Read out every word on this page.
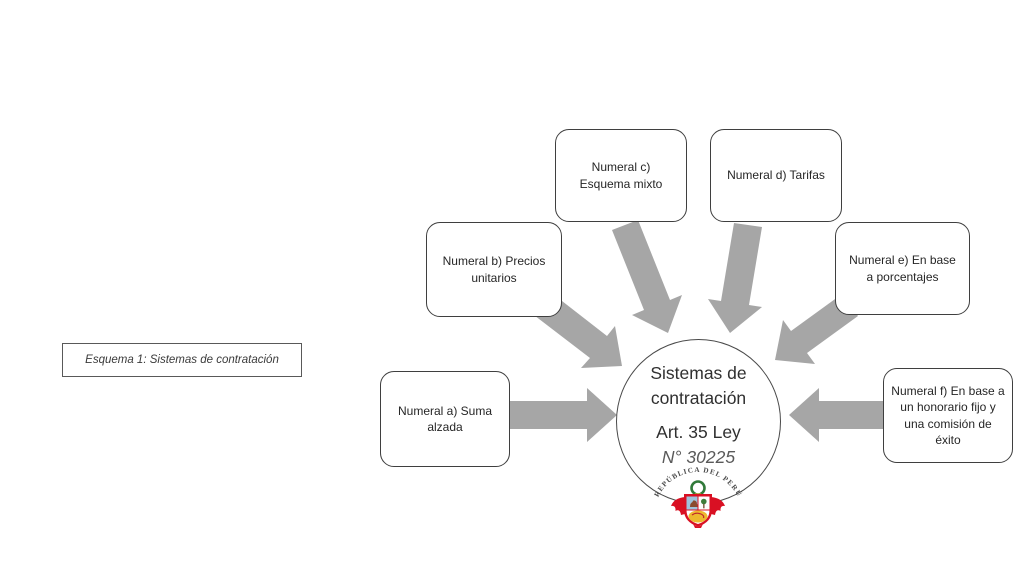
Sistemas de
contratación
Art. 35 Ley
N° 30225
Numeral a) Suma alzada
Numeral b) Precios unitarios
Numeral c) Esquema mixto
Numeral d) Tarifas
Numeral e) En base a porcentajes
Numeral f) En base a un honorario fijo y una comisión de éxito
Esquema 1: Sistemas de contratación
REPÚBLICA DEL PERÚ
